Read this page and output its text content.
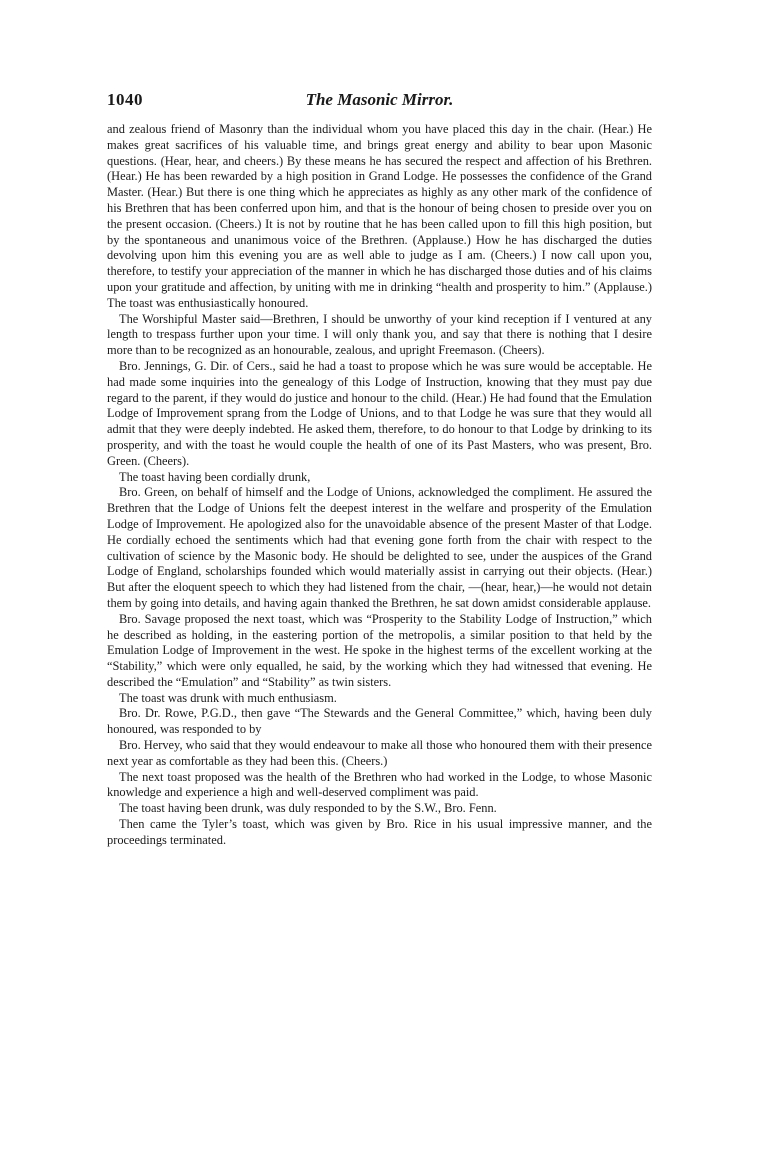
1040	The Masonic Mirror.

and zealous friend of Masonry than the individual whom you have placed this day in the chair. (Hear.) He makes great sacrifices of his valuable time, and brings great energy and ability to bear upon Masonic questions. (Hear, hear, and cheers.) By these means he has secured the respect and affection of his Brethren. (Hear.) He has been rewarded by a high position in Grand Lodge. He possesses the confidence of the Grand Master. (Hear.) But there is one thing which he appreciates as highly as any other mark of the confidence of his Brethren that has been conferred upon him, and that is the honour of being chosen to preside over you on the present occasion. (Cheers.) It is not by routine that he has been called upon to fill this high position, but by the spontaneous and unanimous voice of the Brethren. (Applause.) How he has discharged the duties devolving upon him this evening you are as well able to judge as I am. (Cheers.) I now call upon you, therefore, to testify your appreciation of the manner in which he has discharged those duties and of his claims upon your gratitude and affection, by uniting with me in drinking “health and prosperity to him.” (Applause.) The toast was enthusiastically honoured.

The Worshipful Master said—Brethren, I should be unworthy of your kind reception if I ventured at any length to trespass further upon your time. I will only thank you, and say that there is nothing that I desire more than to be recognized as an honourable, zealous, and upright Freemason. (Cheers).

Bro. Jennings, G. Dir. of Cers., said he had a toast to propose which he was sure would be acceptable. He had made some inquiries into the genealogy of this Lodge of Instruction, knowing that they must pay due regard to the parent, if they would do justice and honour to the child. (Hear.) He had found that the Emulation Lodge of Improvement sprang from the Lodge of Unions, and to that Lodge he was sure that they would all admit that they were deeply indebted. He asked them, therefore, to do honour to that Lodge by drinking to its prosperity, and with the toast he would couple the health of one of its Past Masters, who was present, Bro. Green. (Cheers).

The toast having been cordially drunk,

Bro. Green, on behalf of himself and the Lodge of Unions, acknowledged the compliment. He assured the Brethren that the Lodge of Unions felt the deepest interest in the welfare and prosperity of the Emulation Lodge of Improvement. He apologized also for the unavoidable absence of the present Master of that Lodge. He cordially echoed the sentiments which had that evening gone forth from the chair with respect to the cultivation of science by the Masonic body. He should be delighted to see, under the auspices of the Grand Lodge of England, scholarships founded which would materially assist in carrying out their objects. (Hear.) But after the eloquent speech to which they had listened from the chair, —(hear, hear,)—he would not detain them by going into details, and having again thanked the Brethren, he sat down amidst considerable applause.

Bro. Savage proposed the next toast, which was “Prosperity to the Stability Lodge of Instruction,” which he described as holding, in the eastering portion of the metropolis, a similar position to that held by the Emulation Lodge of Improvement in the west. He spoke in the highest terms of the excellent working at the “Stability,” which were only equalled, he said, by the working which they had witnessed that evening. He described the “Emulation” and “Stability” as twin sisters.

The toast was drunk with much enthusiasm.

Bro. Dr. Rowe, P.G.D., then gave “The Stewards and the General Committee,” which, having been duly honoured, was responded to by

Bro. Hervey, who said that they would endeavour to make all those who honoured them with their presence next year as comfortable as they had been this. (Cheers.)

The next toast proposed was the health of the Brethren who had worked in the Lodge, to whose Masonic knowledge and experience a high and well-deserved compliment was paid.

The toast having been drunk, was duly responded to by the S.W., Bro. Fenn.

Then came the Tyler’s toast, which was given by Bro. Rice in his usual impressive manner, and the proceedings terminated.
